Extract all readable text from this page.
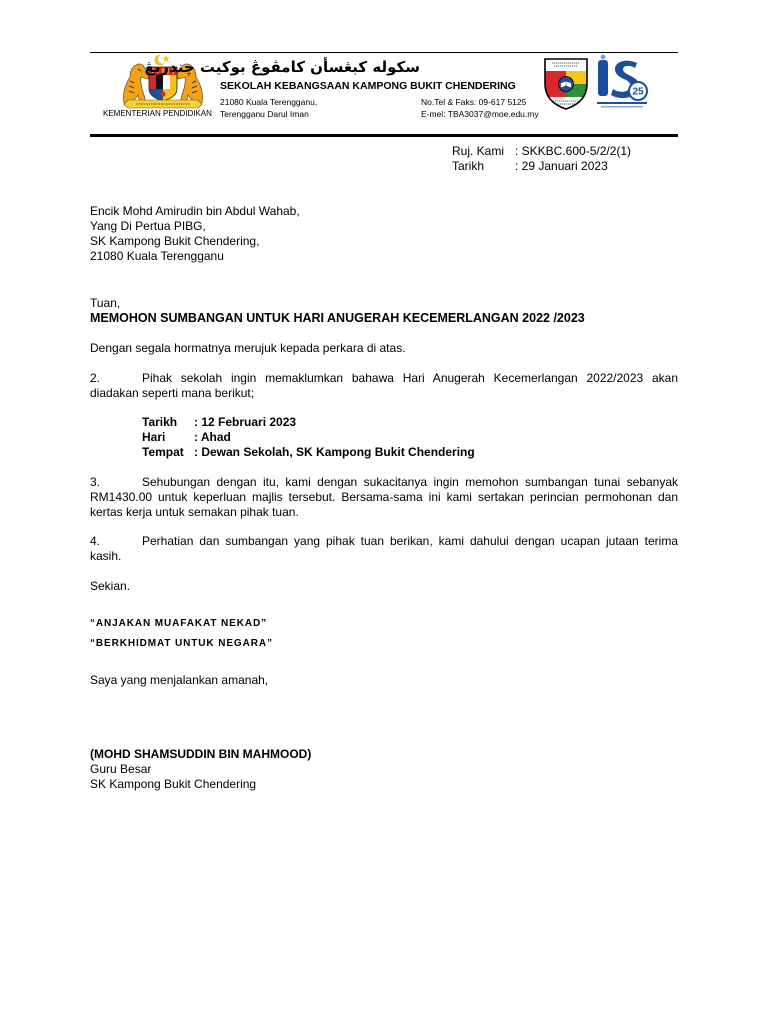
KEMENTERIAN PENDIDIKAN
سکوله کبڠسأن کامڤوڠ بوکيت چندريڠ
SEKOLAH KEBANGSAAN KAMPONG BUKIT CHENDERING
21080 Kuala Terengganu,
Terengganu Darul Iman
No.Tel & Faks: 09-617 5125
E-mel: TBA3037@moe.edu.my
25
Ruj. Kami : SKKBC.600-5/2/2(1)
Tarikh	: 29 Januari 2023
Encik Mohd Amirudin bin Abdul Wahab,
Yang Di Pertua PIBG,
SK Kampong Bukit Chendering,
21080 Kuala Terengganu
Tuan,
MEMOHON SUMBANGAN UNTUK HARI ANUGERAH KECEMERLANGAN 2022 /2023
Dengan segala hormatnya merujuk kepada perkara di atas.
2.	Pihak sekolah ingin memaklumkan bahawa Hari Anugerah Kecemerlangan 2022/2023 akan
diadakan seperti mana berikut;
Tarikh : 12 Februari 2023
Hari : Ahad
Tempat : Dewan Sekolah, SK Kampong Bukit Chendering
3.	Sehubungan dengan itu, kami dengan sukacitanya ingin memohon sumbangan tunai sebanyak
RM1430.00 untuk keperluan majlis tersebut. Bersama-sama ini kami sertakan perincian permohonan dan
kertas kerja untuk semakan pihak tuan.
4.	Perhatian dan sumbangan yang pihak tuan berikan, kami dahului dengan ucapan jutaan terima
kasih.
Sekian.
“ANJAKAN MUAFAKAT NEKAD”
“BERKHIDMAT UNTUK NEGARA”
Saya yang menjalankan amanah,
(MOHD SHAMSUDDIN BIN MAHMOOD)
Guru Besar
SK Kampong Bukit Chendering
